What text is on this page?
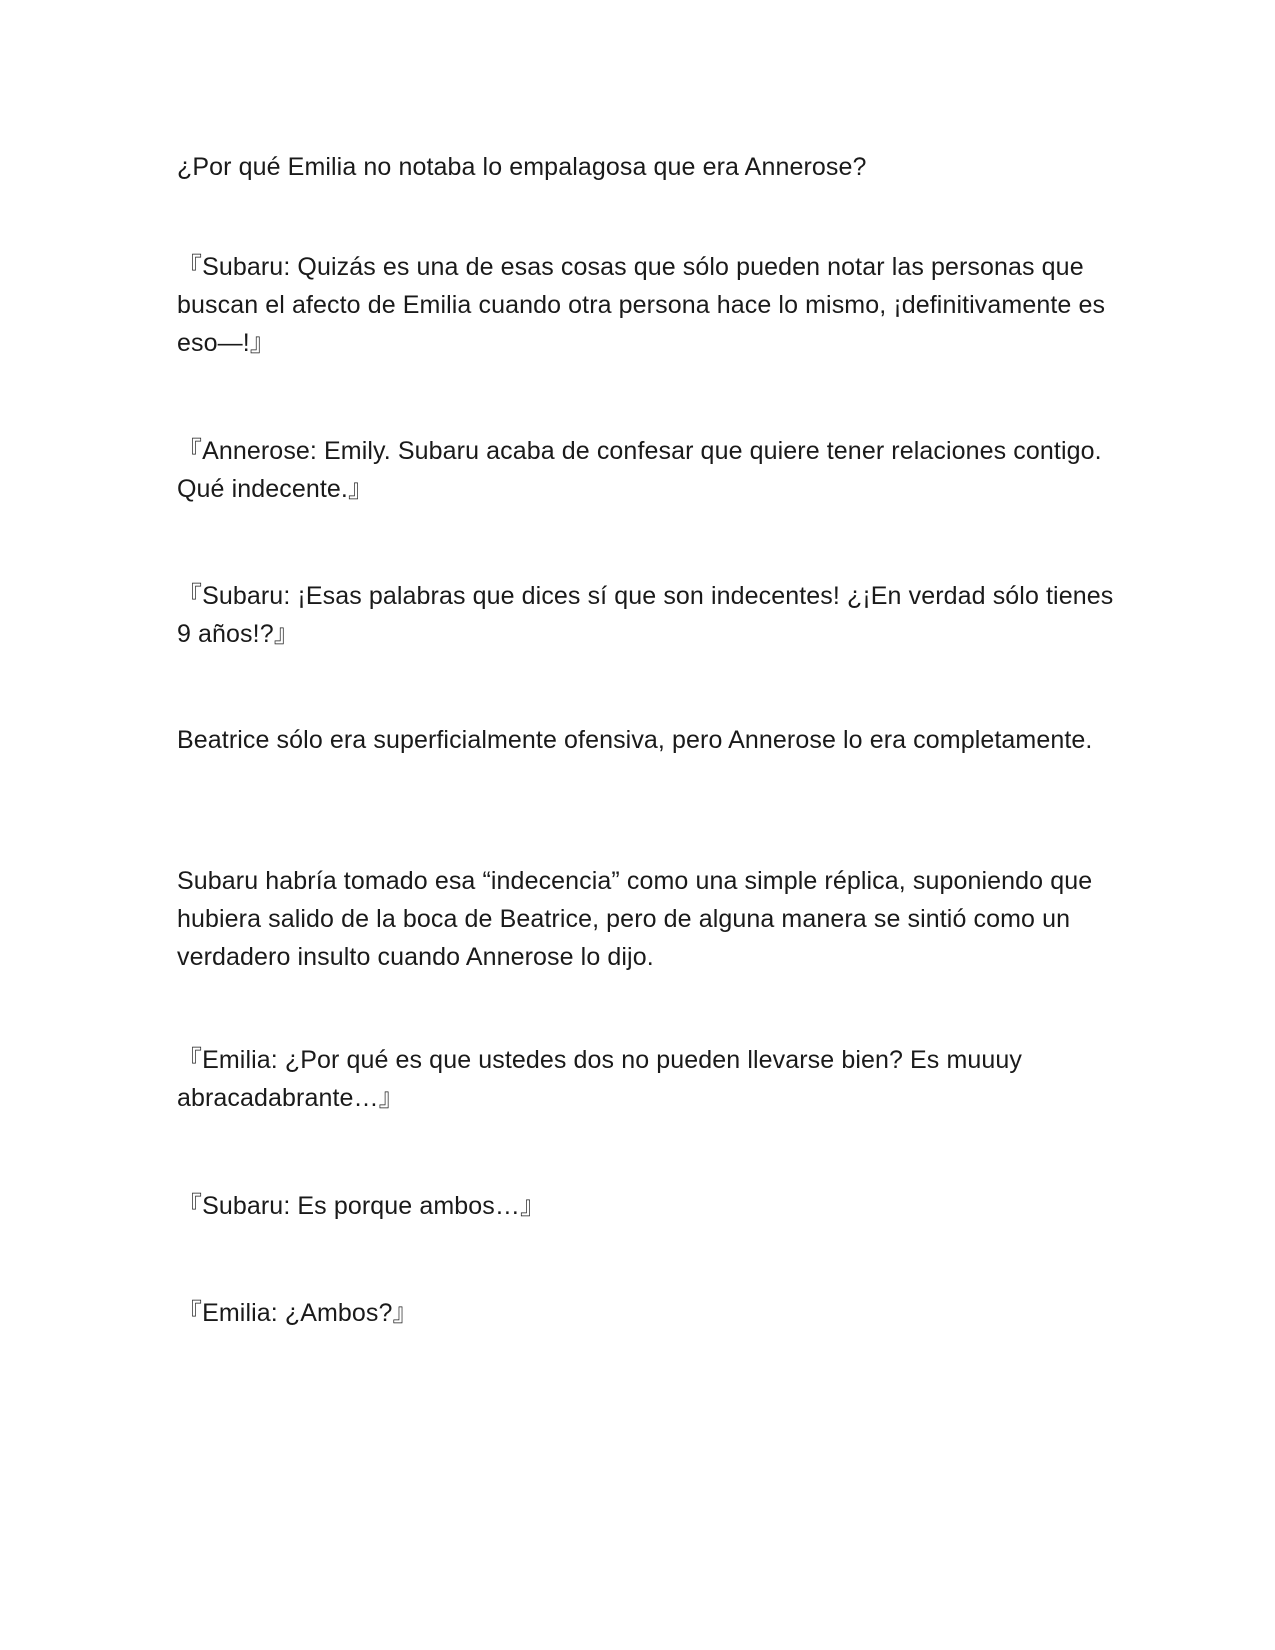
¿Por qué Emilia no notaba lo empalagosa que era Annerose?

『Subaru: Quizás es una de esas cosas que sólo pueden notar las personas que buscan el afecto de Emilia cuando otra persona hace lo mismo, ¡definitivamente es eso—!』

『Annerose: Emily. Subaru acaba de confesar que quiere tener relaciones contigo. Qué indecente.』

『Subaru: ¡Esas palabras que dices sí que son indecentes! ¿¡En verdad sólo tienes 9 años!?』

Beatrice sólo era superficialmente ofensiva, pero Annerose lo era completamente.

Subaru habría tomado esa “indecencia” como una simple réplica, suponiendo que hubiera salido de la boca de Beatrice, pero de alguna manera se sintió como un verdadero insulto cuando Annerose lo dijo.

『Emilia: ¿Por qué es que ustedes dos no pueden llevarse bien? Es muuuy abracadabrante…』

『Subaru: Es porque ambos…』

『Emilia: ¿Ambos?』
